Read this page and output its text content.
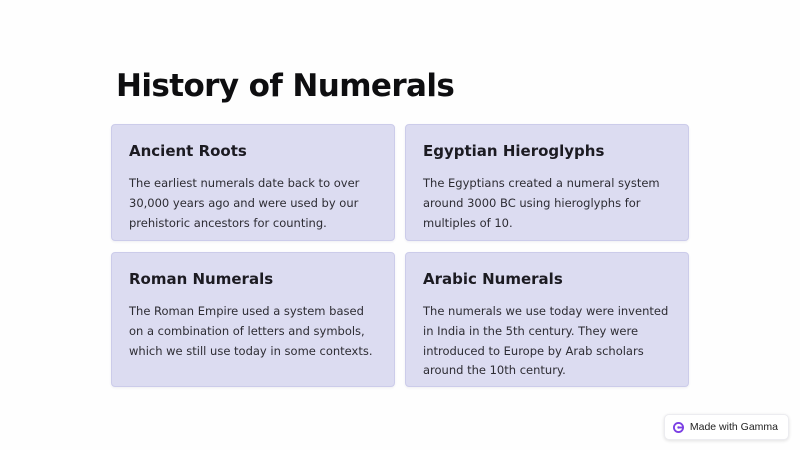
History of Numerals
Ancient Roots

The earliest numerals date back to over 30,000 years ago and were used by our prehistoric ancestors for counting.

Egyptian Hieroglyphs

The Egyptians created a numeral system around 3000 BC using hieroglyphs for multiples of 10.

Roman Numerals

The Roman Empire used a system based on a combination of letters and symbols, which we still use today in some contexts.

Arabic Numerals

The numerals we use today were invented in India in the 5th century. They were introduced to Europe by Arab scholars around the 10th century.

Made with Gamma
